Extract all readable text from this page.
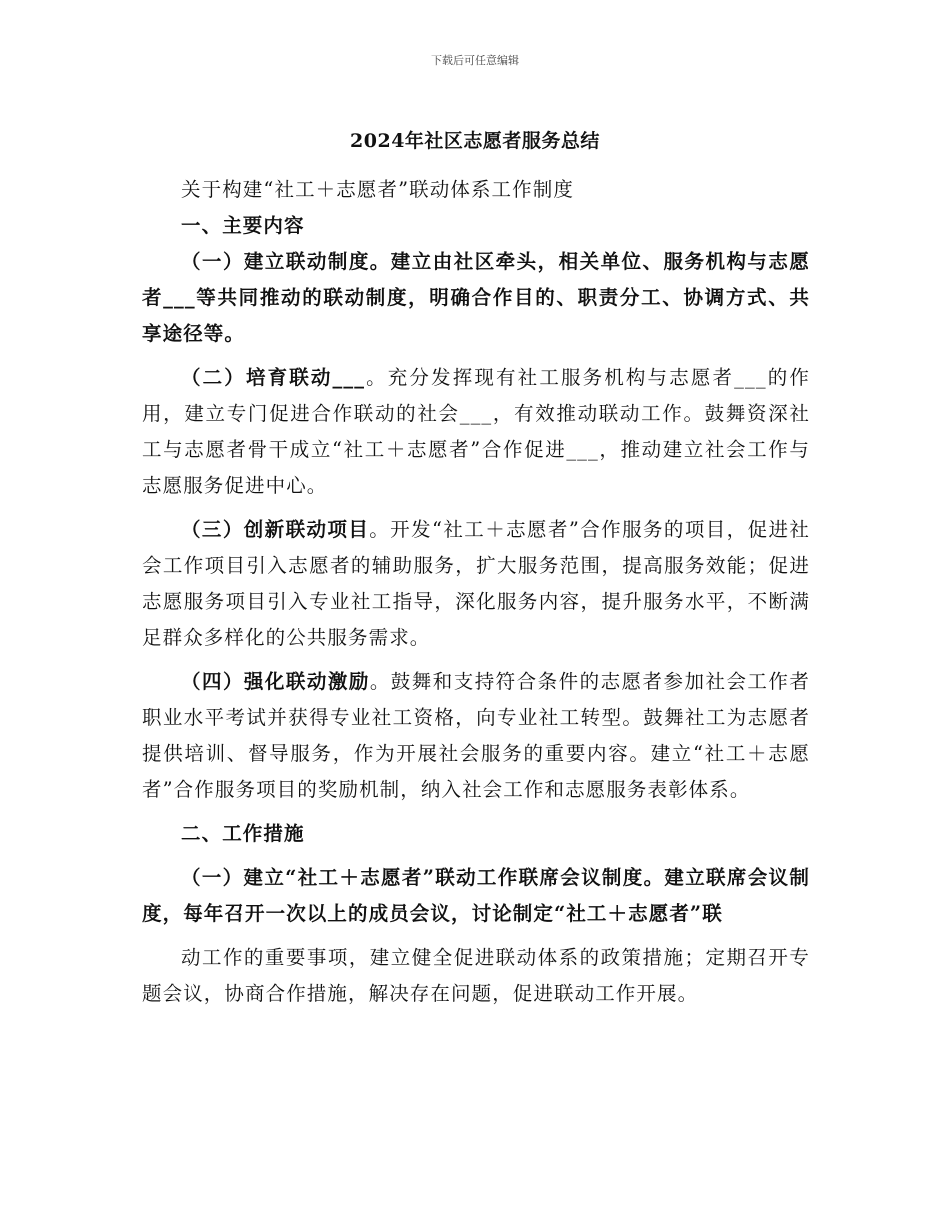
下载后可任意编辑
2024年社区志愿者服务总结

关于构建“社工＋志愿者”联动体系工作制度

一、主要内容

（一）建立联动制度。建立由社区牵头，相关单位、服务机构与志愿者___等共同推动的联动制度，明确合作目的、职责分工、协调方式、共享途径等。

（二）培育联动___。充分发挥现有社工服务机构与志愿者___的作用，建立专门促进合作联动的社会___，有效推动联动工作。鼓舞资深社工与志愿者骨干成立“社工＋志愿者”合作促进___，推动建立社会工作与志愿服务促进中心。

（三）创新联动项目。开发“社工＋志愿者”合作服务的项目，促进社会工作项目引入志愿者的辅助服务，扩大服务范围，提高服务效能；促进志愿服务项目引入专业社工指导，深化服务内容，提升服务水平，不断满足群众多样化的公共服务需求。

（四）强化联动激励。鼓舞和支持符合条件的志愿者参加社会工作者职业水平考试并获得专业社工资格，向专业社工转型。鼓舞社工为志愿者提供培训、督导服务，作为开展社会服务的重要内容。建立“社工＋志愿者”合作服务项目的奖励机制，纳入社会工作和志愿服务表彰体系。

二、工作措施

（一）建立“社工＋志愿者”联动工作联席会议制度。建立联席会议制度，每年召开一次以上的成员会议，讨论制定“社工＋志愿者”联

动工作的重要事项，建立健全促进联动体系的政策措施；定期召开专题会议，协商合作措施，解决存在问题，促进联动工作开展。
